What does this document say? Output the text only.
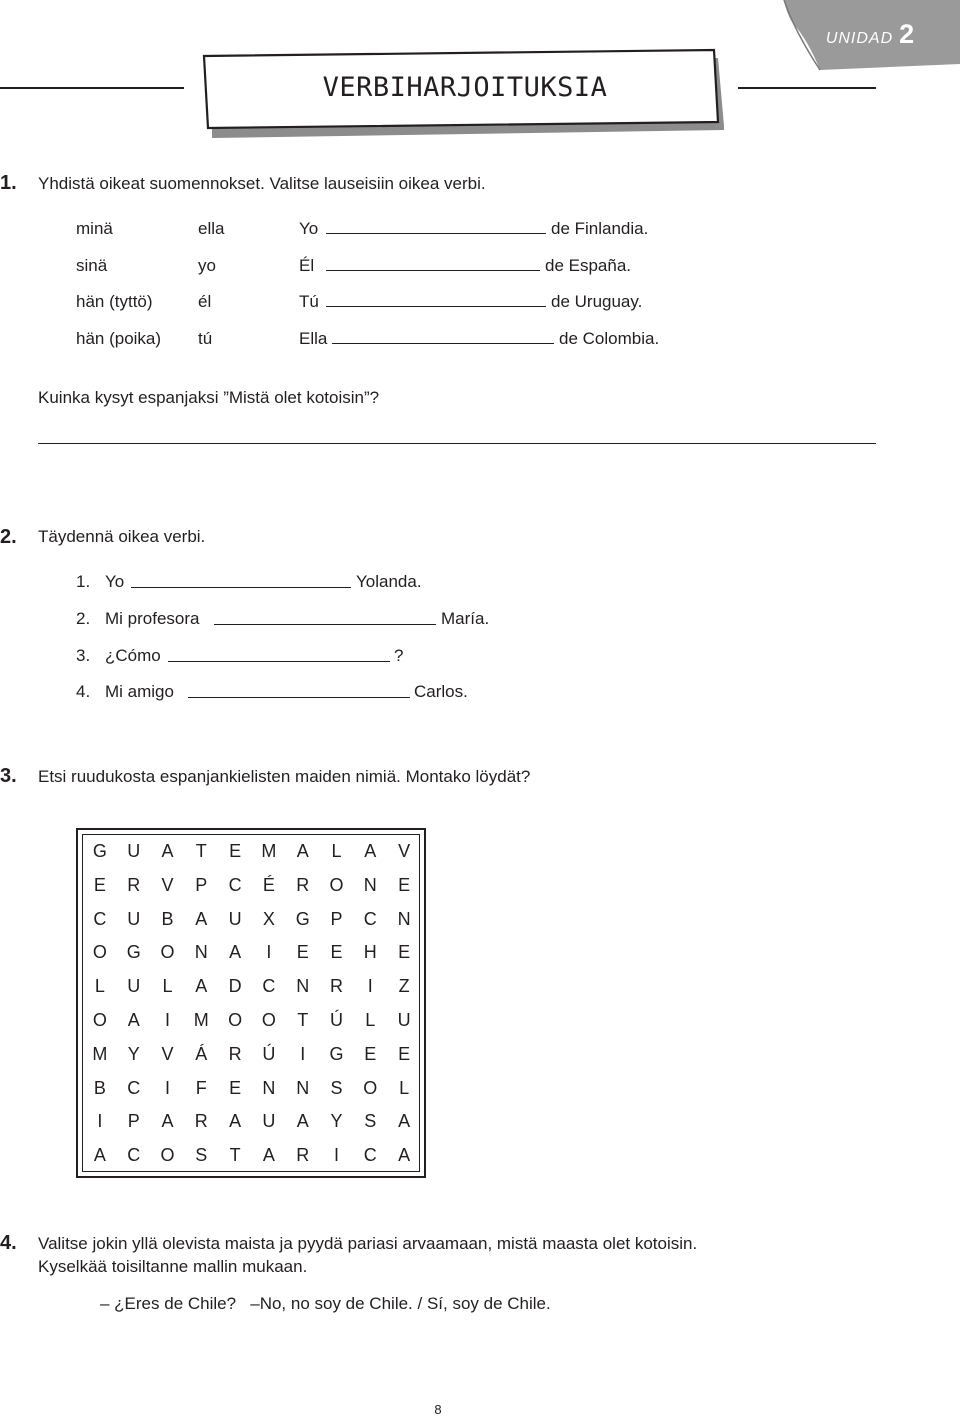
UNIDAD 2
VERBIHARJOITUKSIA
1. Yhdistä oikeat suomennokset. Valitse lauseisiin oikea verbi.
minä	ella	Yo	de Finlandia.
sinä	yo	Él	de España.
hän (tyttö)	él	Tú	de Uruguay.
hän (poika) tú	Ella	de Colombia.
Kuinka kysyt espanjaksi ”Mistä olet kotoisin”?
2. Täydennä oikea verbi.
1. Yo	Yolanda.
2. Mi profesora	María.
3. ¿Cómo	?
4. Mi amigo	Carlos.
3. Etsi ruudukosta espanjankielisten maiden nimiä. Montako löydät?
G	U	A	T	E	M	A	L	A	V
E	R	V	P	C	É	R	O	N	E
C	U	B	A	U	X	G	P	C	N
O	G	O	N	A	I	E	E	H	E
L	U	L	A	D	C	N	R	I	Z
O	A	I	M	O	O	T	Ú	L	U
M	Y	V	Á	R	Ú	I	G	E	E
B	C	I	F	E	N	N	S	O	L
I	P	A	R	A	U	A	Y	S	A
A	C	O	S	T	A	R	I	C	A
4. Valitse jokin yllä olevista maista ja pyydä pariasi arvaamaan, mistä maasta olet kotoisin.
Kyselkää toisiltanne mallin mukaan.
– ¿Eres de Chile?   –No, no soy de Chile. / Sí, soy de Chile.
8
